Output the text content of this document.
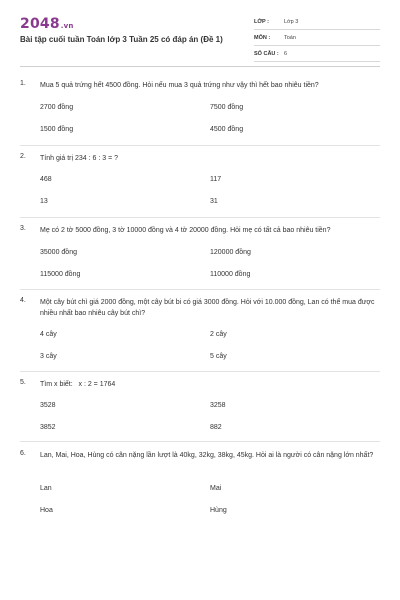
2048.vn
Bài tập cuối tuần Toán lớp 3 Tuần 25 có đáp án (Đề 1)
LỚP :	Lớp 3
MÔN :	Toán
SỐ CÂU : 6
1. Mua 5 quả trứng hết 4500 đồng. Hỏi nếu mua 3 quả trứng như vậy thì hết bao nhiêu tiền?
2700 đồng	7500 đồng
1500 đồng	4500 đồng
2. Tính giá trị 234 : 6 : 3 = ?
468	117
13	31
3. Mẹ có 2 tờ 5000 đồng, 3 tờ 10000 đồng và 4 tờ 20000 đồng. Hỏi mẹ có tất cả bao nhiêu tiền?
35000 đồng	120000 đồng
115000 đồng	110000 đồng
4. Một cây bút chì giá 2000 đồng, một cây bút bi có giá 3000 đồng. Hỏi với 10.000 đồng, Lan có thể mua được nhiều nhất bao nhiêu cây bút chì?
4 cây	2 cây
3 cây	5 cây
5. Tìm x biết:   x : 2 = 1764
3528	3258
3852	882
6. Lan, Mai, Hoa, Hùng có cân nặng lần lượt là 40kg, 32kg, 38kg, 45kg. Hỏi ai là người có cân nặng lớn nhất?
Lan	Mai
Hoa	Hùng
